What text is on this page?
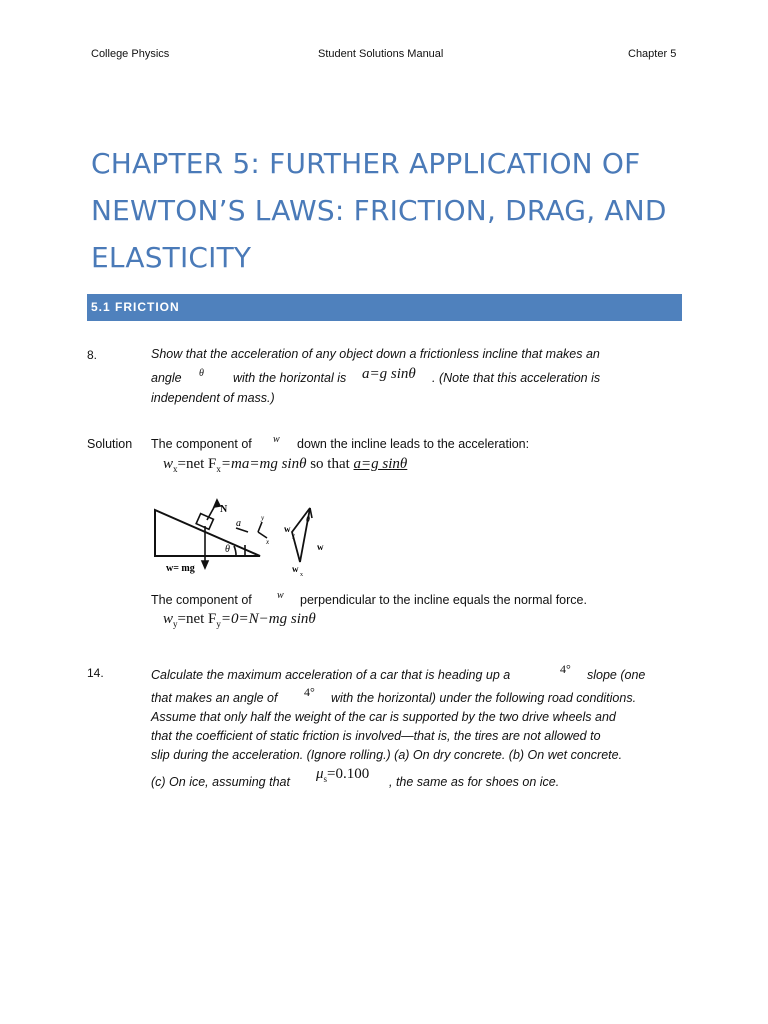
College Physics	Student Solutions Manual	Chapter 5
CHAPTER 5: FURTHER APPLICATION OF
NEWTON’S LAWS: FRICTION, DRAG, AND
ELASTICITY
5.1 FRICTION
8.	Show that the acceleration of any object down a frictionless incline that makes an
angle θ with the horizontal is a=g sinθ . (Note that this acceleration is
independent of mass.)
Solution The component of w down the incline leads to the acceleration:
$w_x=net$ $F_x=ma=mg$ sinθ so that a=g sinθ
N
a	y
x
θ
w= mg
w
y
θ
w
w
x
The component of	w perpendicular to the incline equals the normal force.
$w_y=net$ $F_y=0=N-mg$ sinθ
14.	Calculate the maximum acceleration of a car that is heading up a	4° slope (one
that makes an angle of 4° with the horizontal) under the following road conditions.
Assume that only half the weight of the car is supported by the two drive wheels and
that the coefficient of static friction is involved—that is, the tires are not allowed to
slip during the acceleration. (Ignore rolling.) (a) On dry concrete. (b) On wet concrete.
(c) On ice, assuming that $\mu_s=0.100$ , the same as for shoes on ice.
